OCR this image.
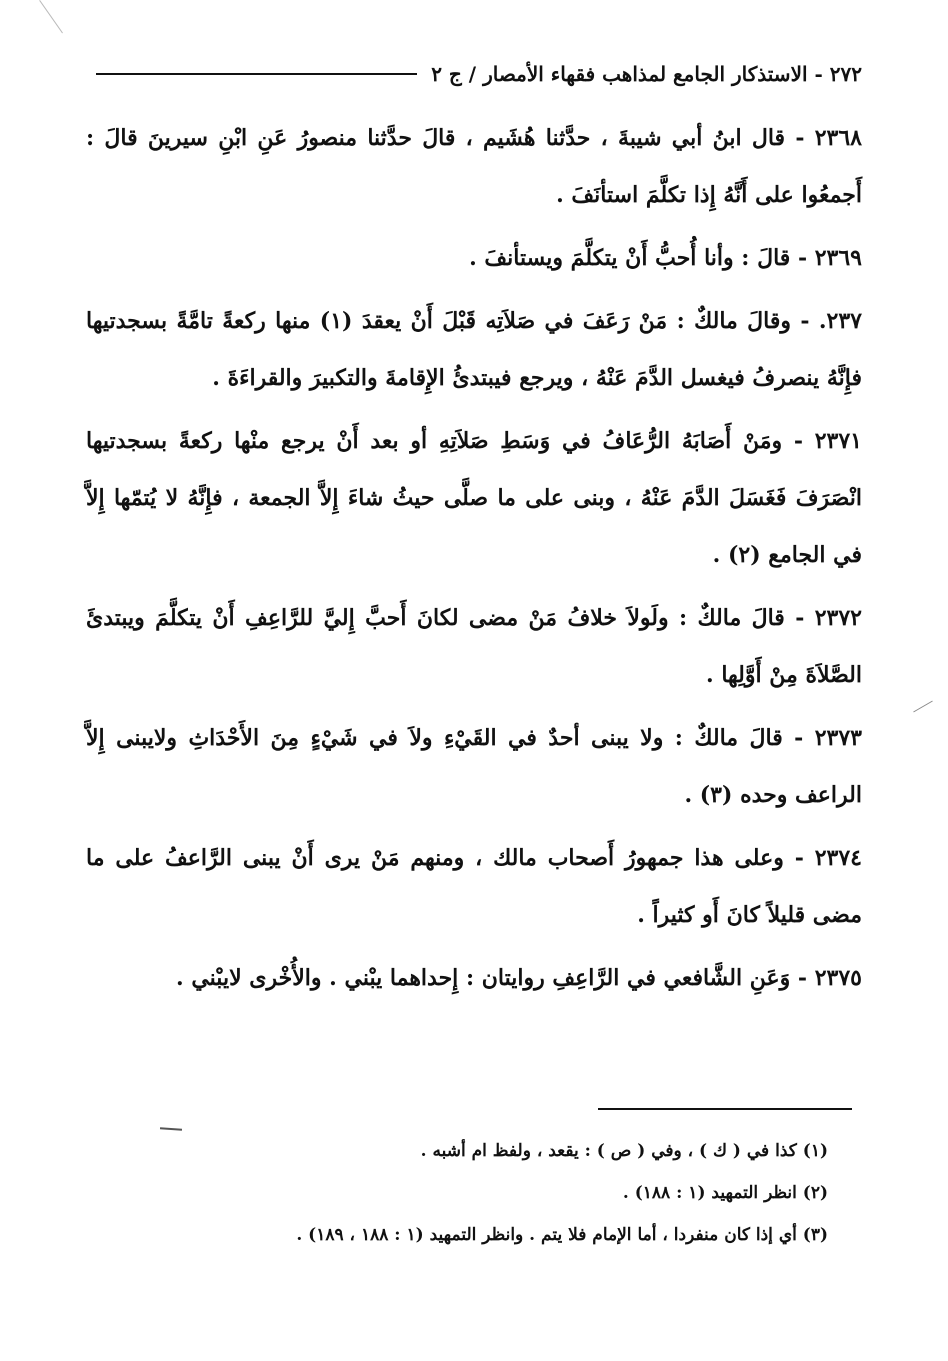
٢٧٢ - الاستذكار الجامع لمذاهب فقهاء الأمصار / ج ٢

٢٣٦٨ - قال ابنُ أبي شيبةَ ، حدَّثنا هُشَيم ، قالَ حدَّثنا منصورُ عَنِ ابْنِ سيرينَ قالَ : أَجمعُوا على أَنَّهُ إِذا تكلَّمَ استأنَفَ .

٢٣٦٩ - قالَ : وأنا أُحبُّ أَنْ يتكلَّمَ ويستأنفَ .

٢٣٧. - وقالَ مالكٌ : مَنْ رَعَفَ في صَلاَتِه قَبْلَ أَنْ يعقدَ (١) منها ركعةً تامَّةً بسجدتيها فإِنَّهُ ينصرفُ فيغسل الدَّمَ عَنْهُ ، ويرجع فيبتدئُ الإِقامةَ والتكبيرَ والقراءَةَ .

٢٣٧١ - ومَنْ أَصَابَهُ الرُّعَافُ في وَسَطِ صَلاَتِهِ أو بعد أَنْ يرجع منْها ركعةً بسجدتيها انْصَرَفَ فَغَسَلَ الدَّمَ عَنْهُ ، وبنى على ما صلَّى حيثُ شاءَ إِلاَّ الجمعة ، فإِنَّهُ لا يُتمّها إِلاَّ في الجامع (٢) .

٢٣٧٢ - قالَ مالكٌ : ولَولاَ خلافُ مَنْ مضى لكانَ أَحبَّ إِليَّ للرَّاعِفِ أَنْ يتكلَّمَ ويبتدئَ الصَّلاَةَ مِنْ أَوَّلِها .

٢٣٧٣ - قالَ مالكٌ : ولا يبنى أحدٌ في القَيْءِ ولاَ في شَيْءٍ مِنَ الأَحْدَاثِ ولايبنى إِلاَّ الراعف وحده (٣) .

٢٣٧٤ - وعلى هذا جمهورُ أَصحاب مالك ، ومنهم مَنْ يرى أَنْ يبنى الرَّاعفُ على ما مضى قليلاً كانَ أَو كثيراً .

٢٣٧٥ - وَعَنِ الشَّافعي في الرَّاعِفِ روايتان : إِحداهما يبْني . والأُخْرى لايبْني .

(١) كذا في ( ك ) ، وفي ( ص ) : يقعد ، ولفظ ام أشبه .

(٢) انظر التمهيد (١ : ١٨٨) .

(٣) أي إذا كان منفردا ، أما الإمام فلا يتم . وانظر التمهيد (١ : ١٨٨ ، ١٨٩) .
